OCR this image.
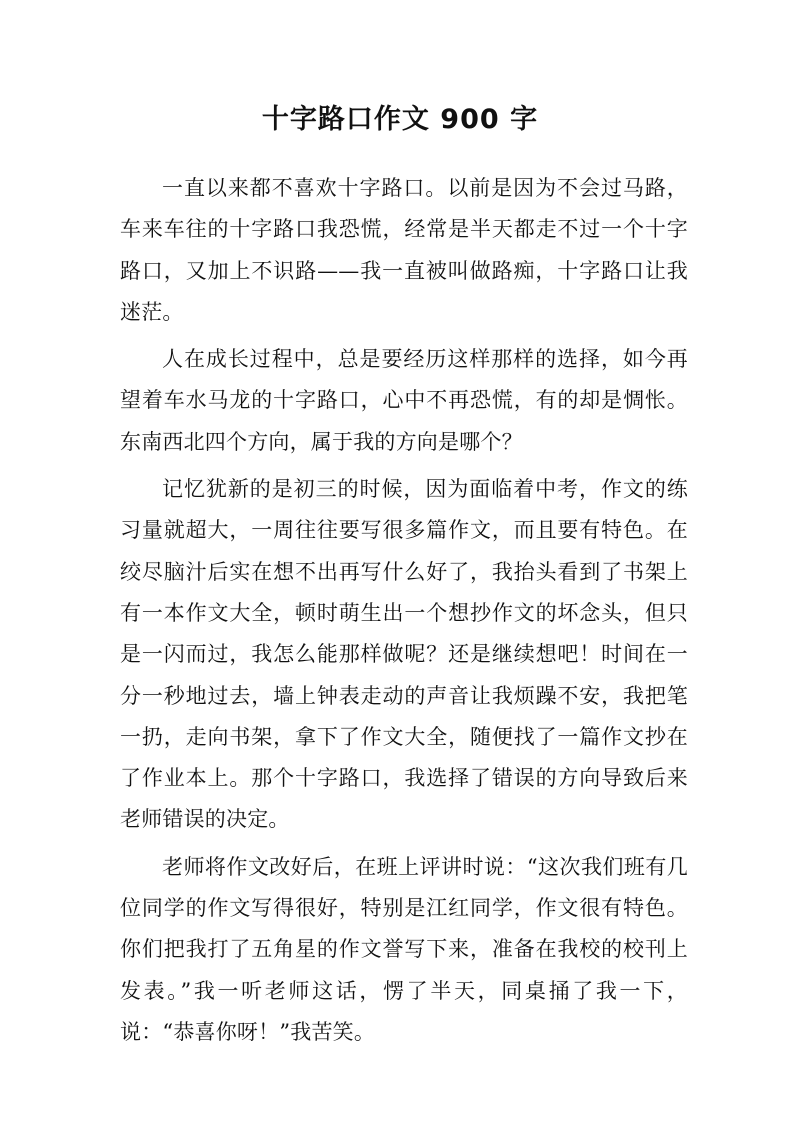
十字路口作文 900 字

一直以来都不喜欢十字路口。以前是因为不会过马路，车来车往的十字路口我恐慌，经常是半天都走不过一个十字路口，又加上不识路——我一直被叫做路痴，十字路口让我迷茫。

人在成长过程中，总是要经历这样那样的选择，如今再望着车水马龙的十字路口，心中不再恐慌，有的却是惆怅。东南西北四个方向，属于我的方向是哪个？

记忆犹新的是初三的时候，因为面临着中考，作文的练习量就超大，一周往往要写很多篇作文，而且要有特色。在绞尽脑汁后实在想不出再写什么好了，我抬头看到了书架上有一本作文大全，顿时萌生出一个想抄作文的坏念头，但只是一闪而过，我怎么能那样做呢？还是继续想吧！时间在一分一秒地过去，墙上钟表走动的声音让我烦躁不安，我把笔一扔，走向书架，拿下了作文大全，随便找了一篇作文抄在了作业本上。那个十字路口，我选择了错误的方向导致后来老师错误的决定。

老师将作文改好后，在班上评讲时说：“这次我们班有几位同学的作文写得很好，特别是江红同学，作文很有特色。你们把我打了五角星的作文誉写下来，准备在我校的校刊上发表。”我一听老师这话，愣了半天，同桌捅了我一下，说：“恭喜你呀！”我苦笑。
